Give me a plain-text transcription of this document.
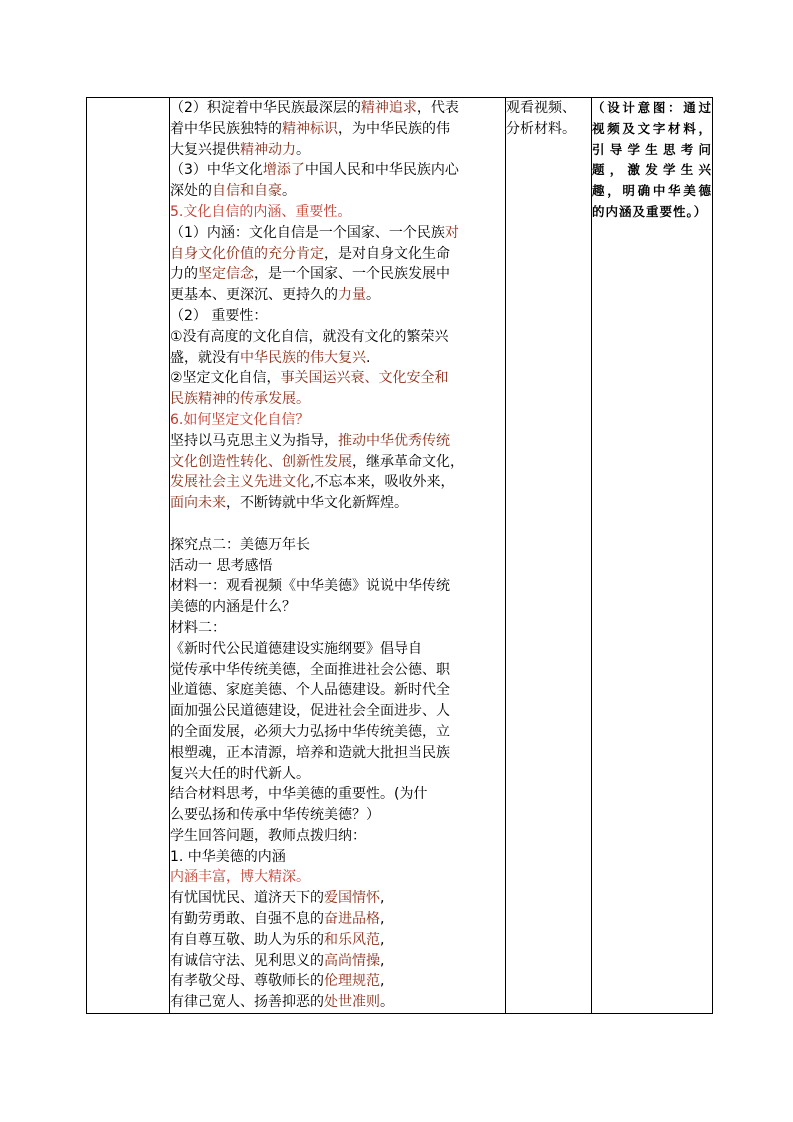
（2）积淀着中华民族最深层的精神追求，代表
着中华民族独特的精神标识，为中华民族的伟
大复兴提供精神动力。
（3）中华文化增添了中国人民和中华民族内心
深处的自信和自豪。
5.文化自信的内涵、重要性。
（1）内涵：文化自信是一个国家、一个民族对
自身文化价值的充分肯定，是对自身文化生命
力的坚定信念，是一个国家、一个民族发展中
更基本、更深沉、更持久的力量。
（2） 重要性：
①没有高度的文化自信，就没有文化的繁荣兴
盛，就没有中华民族的伟大复兴.
②坚定文化自信，事关国运兴衰、文化安全和
民族精神的传承发展。
6.如何坚定文化自信？
坚持以马克思主义为指导，推动中华优秀传统
文化创造性转化、创新性发展，继承革命文化，
发展社会主义先进文化,不忘本来，吸收外来，
面向未来，不断铸就中华文化新辉煌。
探究点二：美德万年长
活动一 思考感悟
材料一：观看视频《中华美德》说说中华传统
美德的内涵是什么？
材料二：
《新时代公民道德建设实施纲要》倡导自
觉传承中华传统美德，全面推进社会公德、职
业道德、家庭美德、个人品德建设。新时代全
面加强公民道德建设，促进社会全面进步、人
的全面发展，必须大力弘扬中华传统美德，立
根塑魂，正本清源，培养和造就大批担当民族
复兴大任的时代新人。
结合材料思考，中华美德的重要性。(为什
么要弘扬和传承中华传统美德？）
学生回答问题，教师点拨归纳：
1. 中华美德的内涵
内涵丰富，博大精深。
有忧国忧民、道济天下的爱国情怀,
有勤劳勇敢、自强不息的奋进品格,
有自尊互敬、助人为乐的和乐风范,
有诚信守法、见利思义的高尚情操,
有孝敬父母、尊敬师长的伦理规范,
有律己宽人、扬善抑恶的处世准则。
	观看视频、 分析材料。	（设计意图：通过视频及文字材料，引导学生思考问题，激发学生兴趣，明确中华美德的内涵及重要性。）
